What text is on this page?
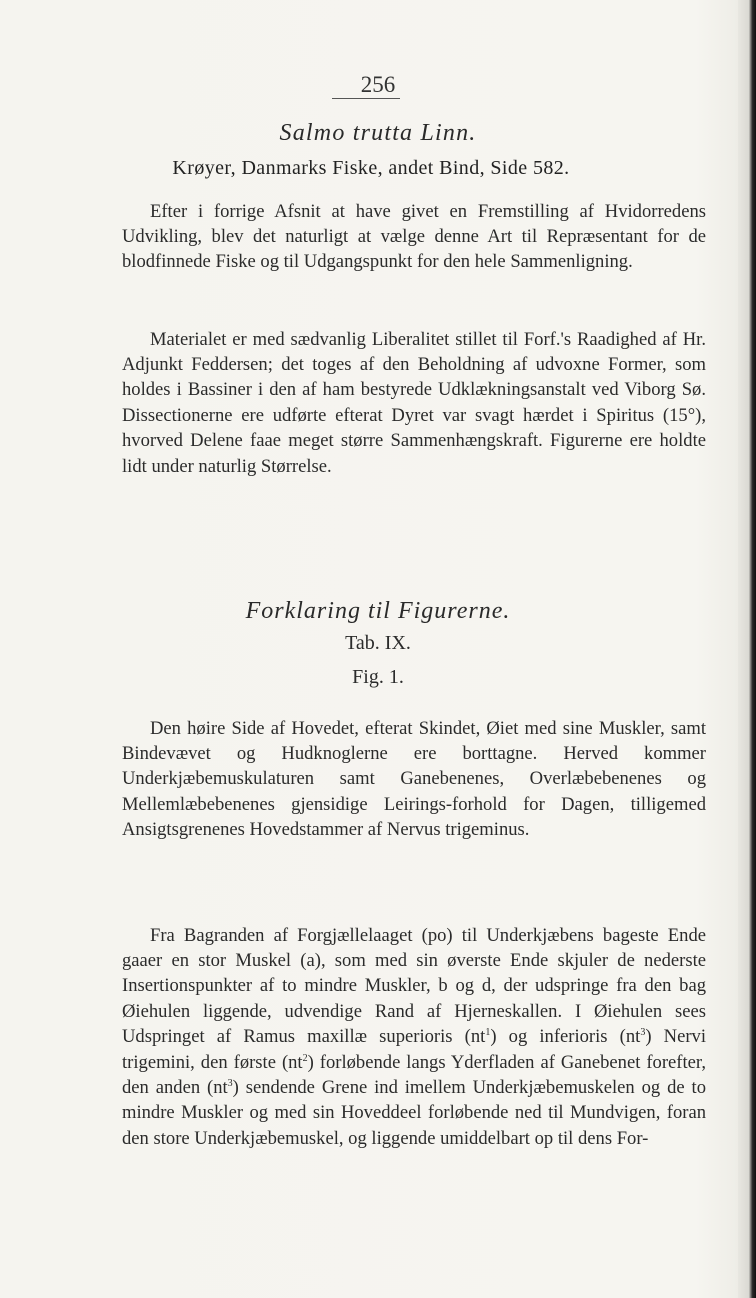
256
Salmo trutta Linn.
Krøyer, Danmarks Fiske, andet Bind, Side 582.

Efter i forrige Afsnit at have givet en Fremstilling af Hvidorredens Udvikling, blev det naturligt at vælge denne Art til Repræsentant for de blodfinnede Fiske og til Udgangspunkt for den hele Sammenligning.

Materialet er med sædvanlig Liberalitet stillet til Forf.'s Raadighed af Hr. Adjunkt Feddersen; det toges af den Beholdning af udvoxne Former, som holdes i Bassiner i den af ham bestyrede Udklækningsanstalt ved Viborg Sø. Dissectionerne ere udførte efterat Dyret var svagt hærdet i Spiritus (15°), hvorved Delene faae meget større Sammenhængskraft. Figurerne ere holdte lidt under naturlig Størrelse.

Forklaring til Figurerne.
Tab. IX.
Fig. 1.

Den høire Side af Hovedet, efterat Skindet, Øiet med sine Muskler, samt Bindevævet og Hudknoglerne ere borttagne. Herved kommer Underkjæbemuskulaturen samt Ganebenenes, Overlæbebenenes og Mellemlæbebenenes gjensidige Leirings-forhold for Dagen, tilligemed Ansigtsgrenenes Hovedstammer af Nervus trigeminus.

Fra Bagranden af Forgjællelaaget (po) til Underkjæbens bageste Ende gaaer en stor Muskel (a), som med sin øverste Ende skjuler de nederste Insertionspunkter af to mindre Muskler, b og d, der udspringe fra den bag Øiehulen liggende, udvendige Rand af Hjerneskallen. I Øiehulen sees Udspringet af Ramus maxillæ superioris $(nt^1)$ og inferioris $(nt^3)$ Nervi trigemini, den første $(nt^2)$ forløbende langs Yderfladen af Ganebenet forefter, den anden $(nt^3)$ sendende Grene ind imellem Underkjæbemuskelen og de to mindre Muskler og med sin Hoveddeel forløbende ned til Mundvigen, foran den store Underkjæbemuskel, og liggende umiddelbart op til dens For-
